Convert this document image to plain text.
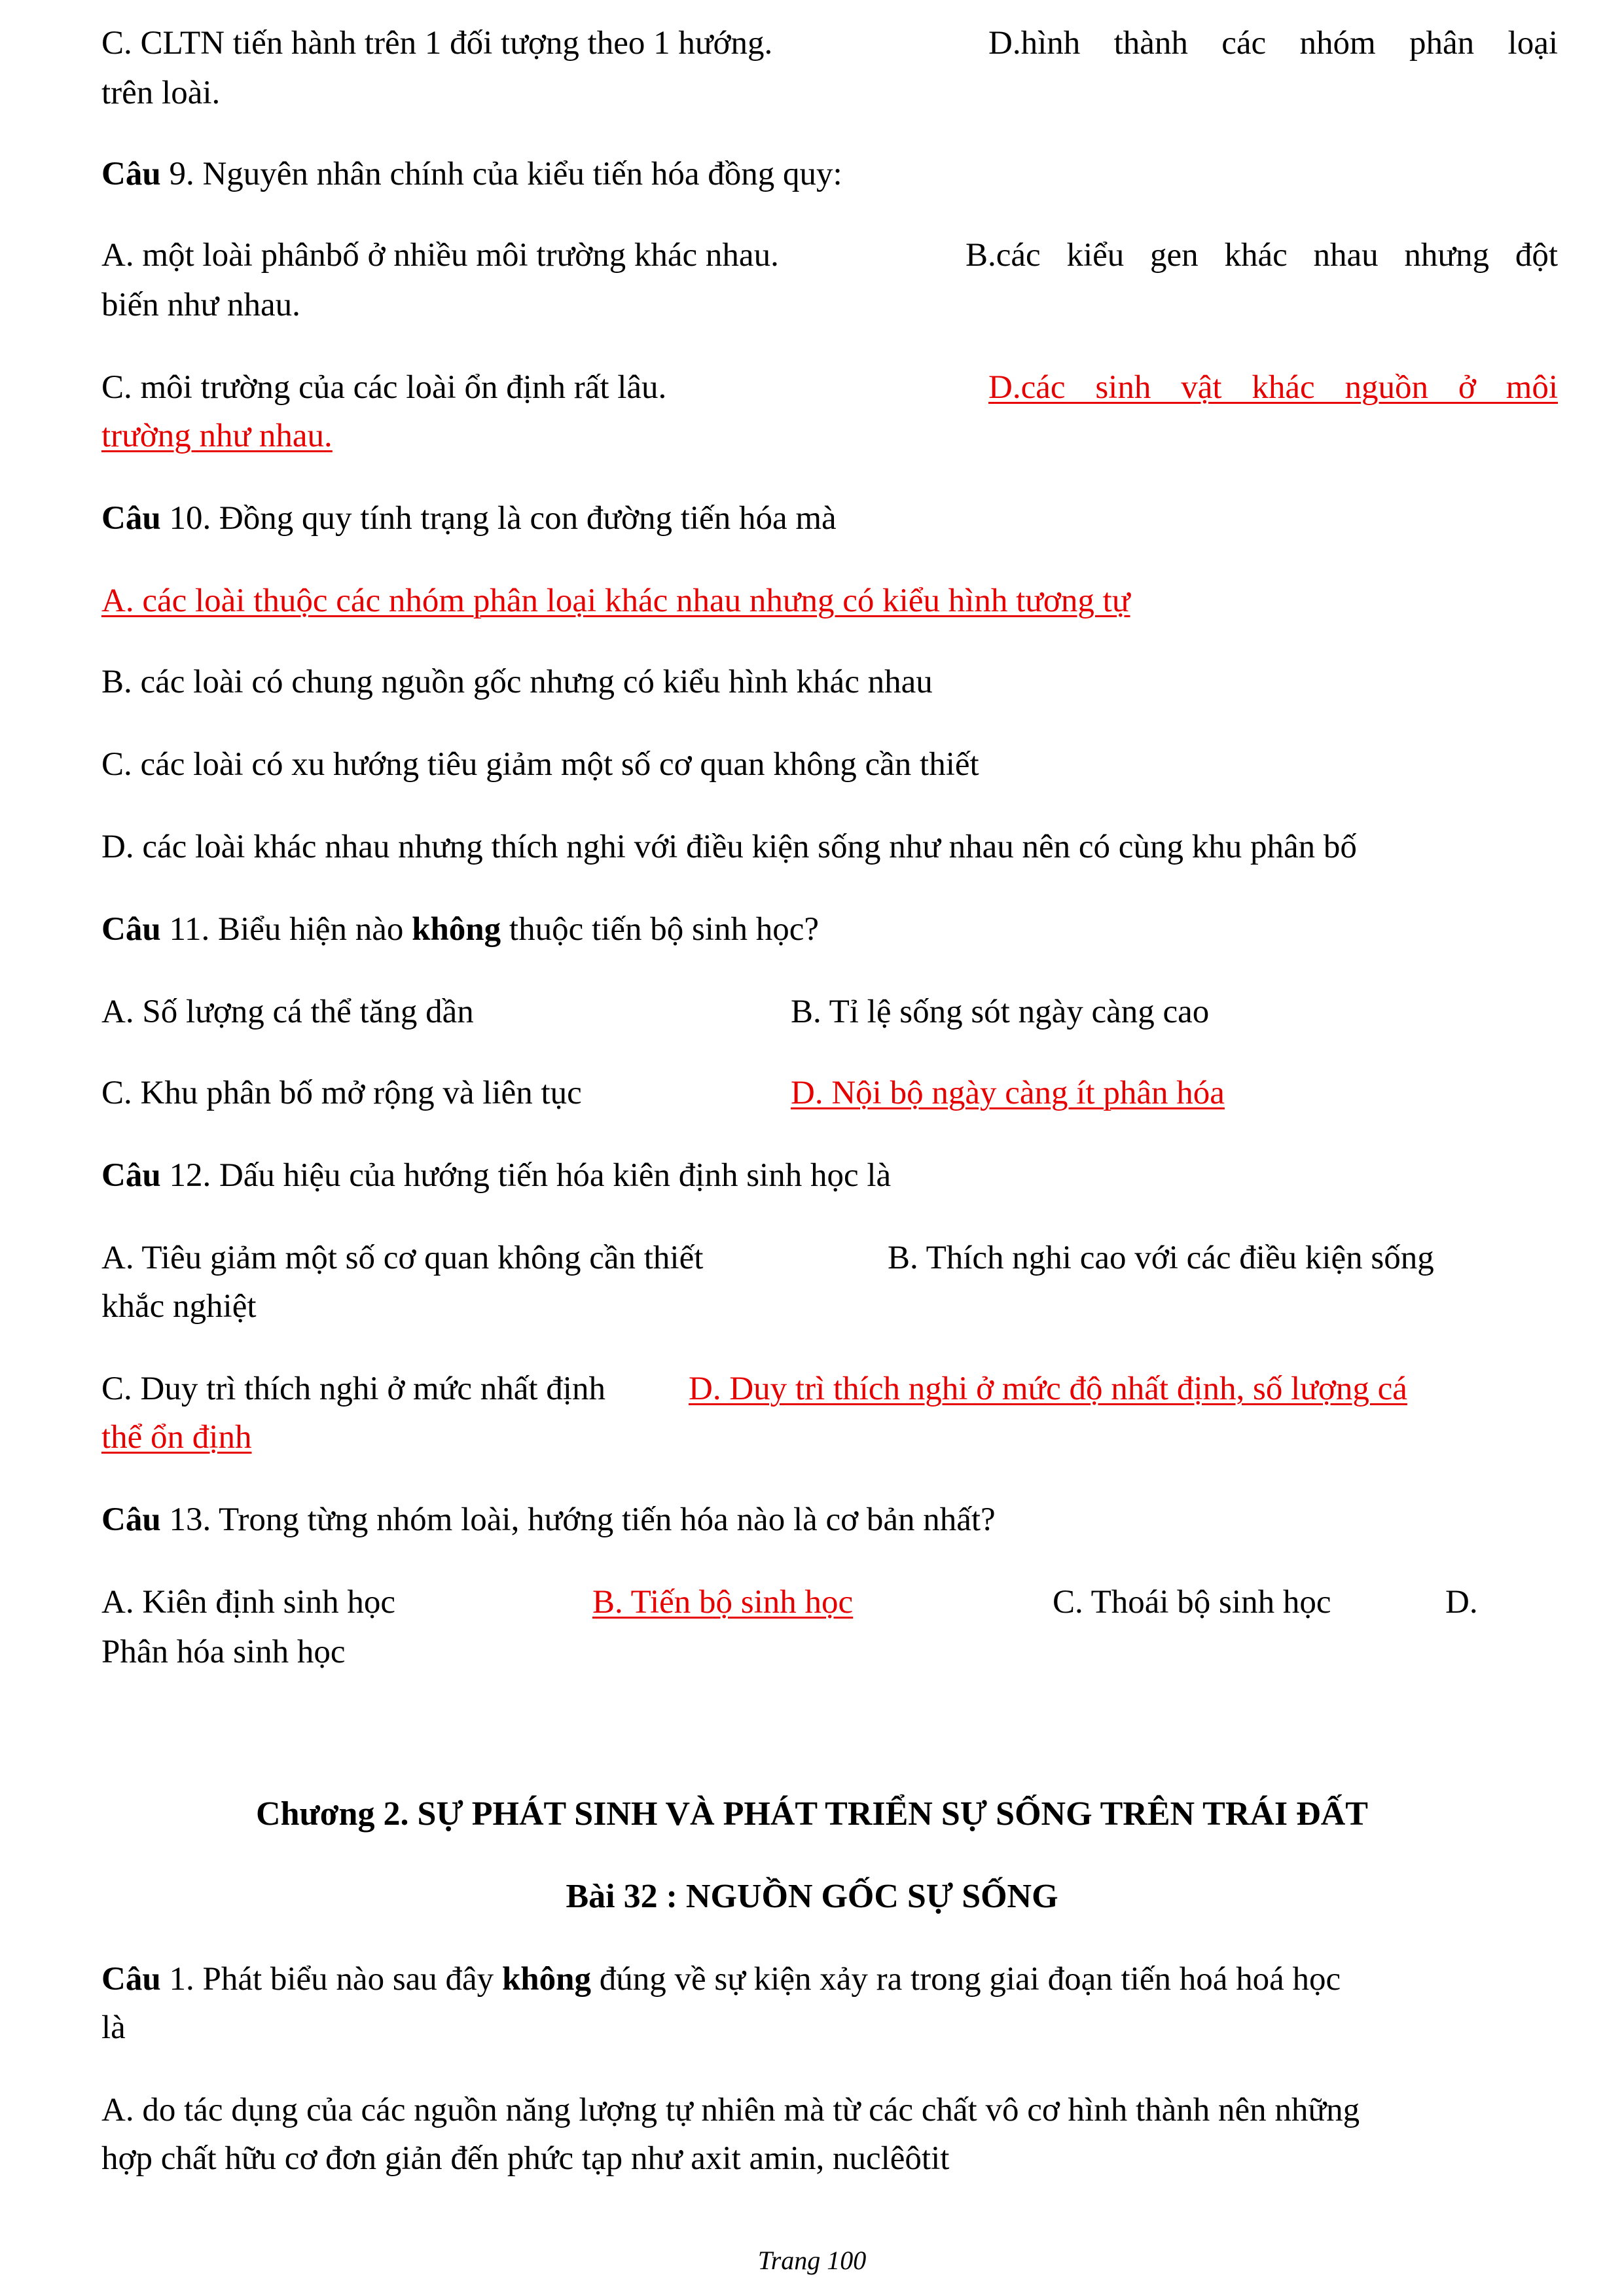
C. CLTN tiến hành trên 1 đối tượng theo 1 hướng.	D.hình thành các nhóm phân loại
trên loài.
Câu 9. Nguyên nhân chính của kiểu tiến hóa đồng quy:
A. một loài phânbố ở nhiều môi trường khác nhau.	B.các kiểu gen khác nhau nhưng đột
biến như nhau.
C. môi trường của các loài ổn định rất lâu.	D.các sinh vật khác nguồn ở môi
trường như nhau.
Câu 10. Đồng quy tính trạng là con đường tiến hóa mà
A. các loài thuộc các nhóm phân loại khác nhau nhưng có kiểu hình tương tự
B. các loài có chung nguồn gốc nhưng có kiểu hình khác nhau
C. các loài có xu hướng tiêu giảm một số cơ quan không cần thiết
D. các loài khác nhau nhưng thích nghi với điều kiện sống như nhau nên có cùng khu phân bố
Câu 11. Biểu hiện nào không thuộc tiến bộ sinh học?
A. Số lượng cá thể tăng dần	B. Tỉ lệ sống sót ngày càng cao
C. Khu phân bố mở rộng và liên tục	D. Nội bộ ngày càng ít phân hóa
Câu 12. Dấu hiệu của hướng tiến hóa kiên định sinh học là
A. Tiêu giảm một số cơ quan không cần thiết	B. Thích nghi cao với các điều kiện sống
khắc nghiệt
C. Duy trì thích nghi ở mức nhất định D. Duy trì thích nghi ở mức độ nhất định, số lượng cá
thể ổn định
Câu 13. Trong từng nhóm loài, hướng tiến hóa nào là cơ bản nhất?
A. Kiên định sinh học	B. Tiến bộ sinh học	C. Thoái bộ sinh học	D.
Phân hóa sinh học
Chương 2. SỰ PHÁT SINH VÀ PHÁT TRIỂN SỰ SỐNG TRÊN TRÁI ĐẤT
Bài 32 : NGUỒN GỐC SỰ SỐNG
Câu 1. Phát biểu nào sau đây không đúng về sự kiện xảy ra trong giai đoạn tiến hoá hoá học
là
A. do tác dụng của các nguồn năng lượng tự nhiên mà từ các chất vô cơ hình thành nên những
hợp chất hữu cơ đơn giản đến phức tạp như axit amin, nuclêôtit
Trang 100
